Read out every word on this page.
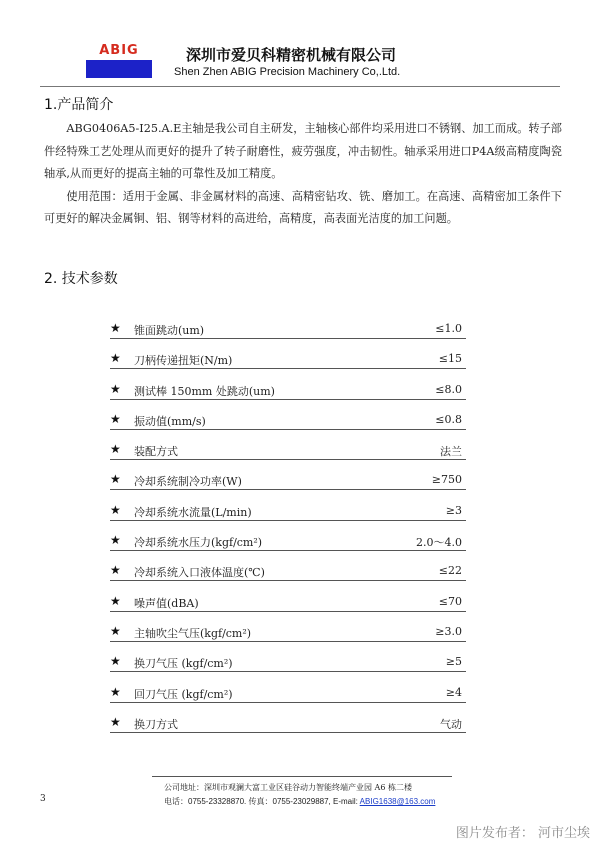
ABIG	深圳市爱贝科精密机械有限公司
Shen Zhen ABIG Precision Machinery Co,.Ltd.
1.产品简介

ABG0406A5-I25.A.E主轴是我公司自主研发，主轴核心部件均采用进口不锈钢、加工而成。转子部件经特殊工艺处理从而更好的提升了转子耐磨性，疲劳强度，冲击韧性。轴承采用进口P4A级高精度陶瓷轴承,从而更好的提高主轴的可靠性及加工精度。

使用范围：适用于金属、非金属材料的高速、高精密钻攻、铣、磨加工。在高速、高精密加工条件下可更好的解决金属铜、铝、钢等材料的高进给，高精度，高表面光洁度的加工问题。

2. 技术参数
★ 锥面跳动(um)	≤1.0
★ 刀柄传递扭矩(N/m)	≤15
★ 测试棒 150mm 处跳动(um)	≤8.0
★ 振动值(mm/s)	≤0.8
★ 装配方式	法兰
★ 冷却系统制冷功率(W)	≥750
★ 冷却系统水流量(L/min)	≥3
★ 冷却系统水压力(kgf/cm²)	2.0～4.0
★ 冷却系统入口液体温度(℃)	≤22
★ 噪声值(dBA)	≤70
★ 主轴吹尘气压(kgf/cm²)	≥3.0
★ 换刀气压 (kgf/cm²)	≥5
★ 回刀气压 (kgf/cm²)	≥4
★ 换刀方式	气动
公司地址：深圳市观澜大富工业区硅谷动力智能终端产业园 A6 栋二楼
电话：0755-23328870. 传真：0755-23029887, E-mail: ABIG1638@163.com
3
图片发布者： 河市尘埃
